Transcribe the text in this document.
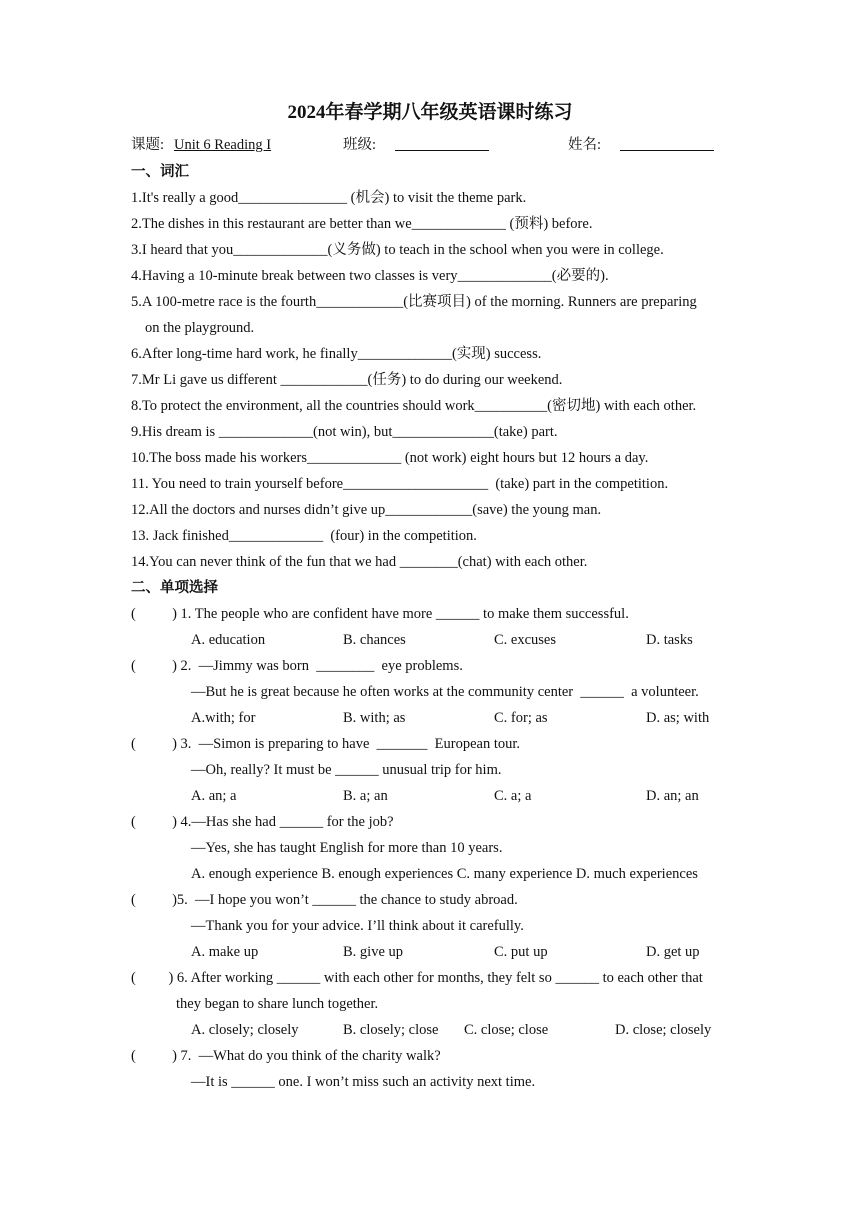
2024年春学期八年级英语课时练习
课题: Unit 6 Reading I	班级:	姓名:
一、词汇
1.It's really a good_______________ (机会) to visit the theme park.
2.The dishes in this restaurant are better than we_____________ (预料) before.
3.I heard that you_____________(义务做) to teach in the school when you were in college.
4.Having a 10-minute break between two classes is very_____________(必要的).
5.A 100-metre race is the fourth____________(比赛项目) of the morning. Runners are preparing
on the playground.
6.After long-time hard work, he finally_____________(实现) success.
7.Mr Li gave us different ____________(任务) to do during our weekend.
8.To protect the environment, all the countries should work__________(密切地) with each other.
9.His dream is _____________(not win), but______________(take) part.
10.The boss made his workers_____________ (not work) eight hours but 12 hours a day.
11. You need to train yourself before____________________  (take) part in the competition.
12.All the doctors and nurses didn’t give up____________(save) the young man.
13. Jack finished_____________  (four) in the competition.
14.You can never think of the fun that we had ________(chat) with each other.
二、单项选择
(          ) 1. The people who are confident have more ______ to make them successful.
A. education	B. chances	C. excuses	D. tasks
(          ) 2.  —Jimmy was born  ________  eye problems.
—But he is great because he often works at the community center  ______  a volunteer.
A.with; for	B. with; as	C. for; as	D. as; with
(          ) 3.  —Simon is preparing to have  _______  European tour.
—Oh, really? It must be ______ unusual trip for him.
A. an; a	B. a; an	C. a; a	D. an; an
(          ) 4.—Has she had ______ for the job?
—Yes, she has taught English for more than 10 years.
A. enough experience B. enough experiences C. many experience D. much experiences
(          )5.  —I hope you won’t ______ the chance to study abroad.
—Thank you for your advice. I’ll think about it carefully.
A. make up	B. give up	C. put up	D. get up
(         ) 6. After working ______ with each other for months, they felt so ______ to each other that
they began to share lunch together.
A. closely; closely	B. closely; close C. close; close	D. close; closely
(          ) 7.  —What do you think of the charity walk?
—It is ______ one. I won’t miss such an activity next time.
